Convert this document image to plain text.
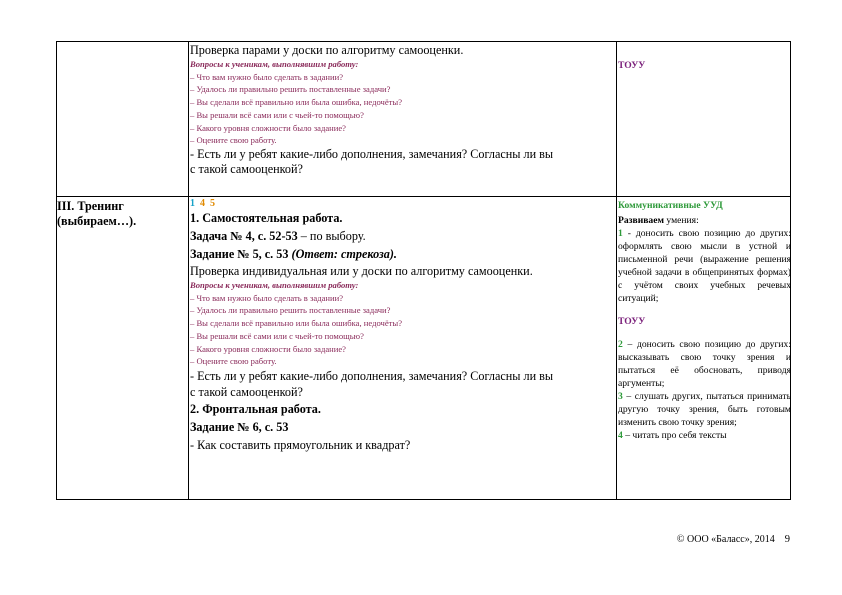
Проверка парами у доски по алгоритму самооценки.
Вопросы к ученикам, выполнявшим работу:
– Что вам нужно было сделать в задании?
– Удалось ли правильно решить поставленные задачи?
– Вы сделали всё правильно или была ошибка, недочёты?
– Вы решали всё сами или с чьей-то помощью?
– Какого уровня сложности было задание?
– Оцените свою работу.
- Есть ли у ребят какие-либо дополнения, замечания? Согласны ли вы
с такой самооценкой?
ТОУУ
III. Тренинг
(выбираем…).
1 4 5
1. Самостоятельная работа.
Задача № 4, с. 52-53 – по выбору.
Задание № 5, с. 53 (Ответ: стрекоза).
Проверка индивидуальная или у доски по алгоритму самооценки.
Вопросы к ученикам, выполнявшим работу:
– Что вам нужно было сделать в задании?
– Удалось ли правильно решить поставленные задачи?
– Вы сделали всё правильно или была ошибка, недочёты?
– Вы решали всё сами или с чьей-то помощью?
– Какого уровня сложности было задание?
– Оцените свою работу.
- Есть ли у ребят какие-либо дополнения, замечания? Согласны ли вы
с такой самооценкой?
2. Фронтальная работа.
Задание № 6, с. 53
- Как составить прямоугольник и квадрат?
Коммуникативные УУД
Развиваем умения:
1 - доносить свою позицию до других: оформлять свою мысли в устной и письменной речи (выражение решения учебной задачи в общепринятых формах) с учётом своих учебных речевых ситуаций;
ТОУУ
2 – доносить свою позицию до других: высказывать свою точку зрения и пытаться её обосновать, приводя аргументы;
3 – слушать других, пытаться принимать другую точку зрения, быть готовым изменить свою точку зрения;
4 – читать про себя тексты
© ООО «Баласс», 2014 9
